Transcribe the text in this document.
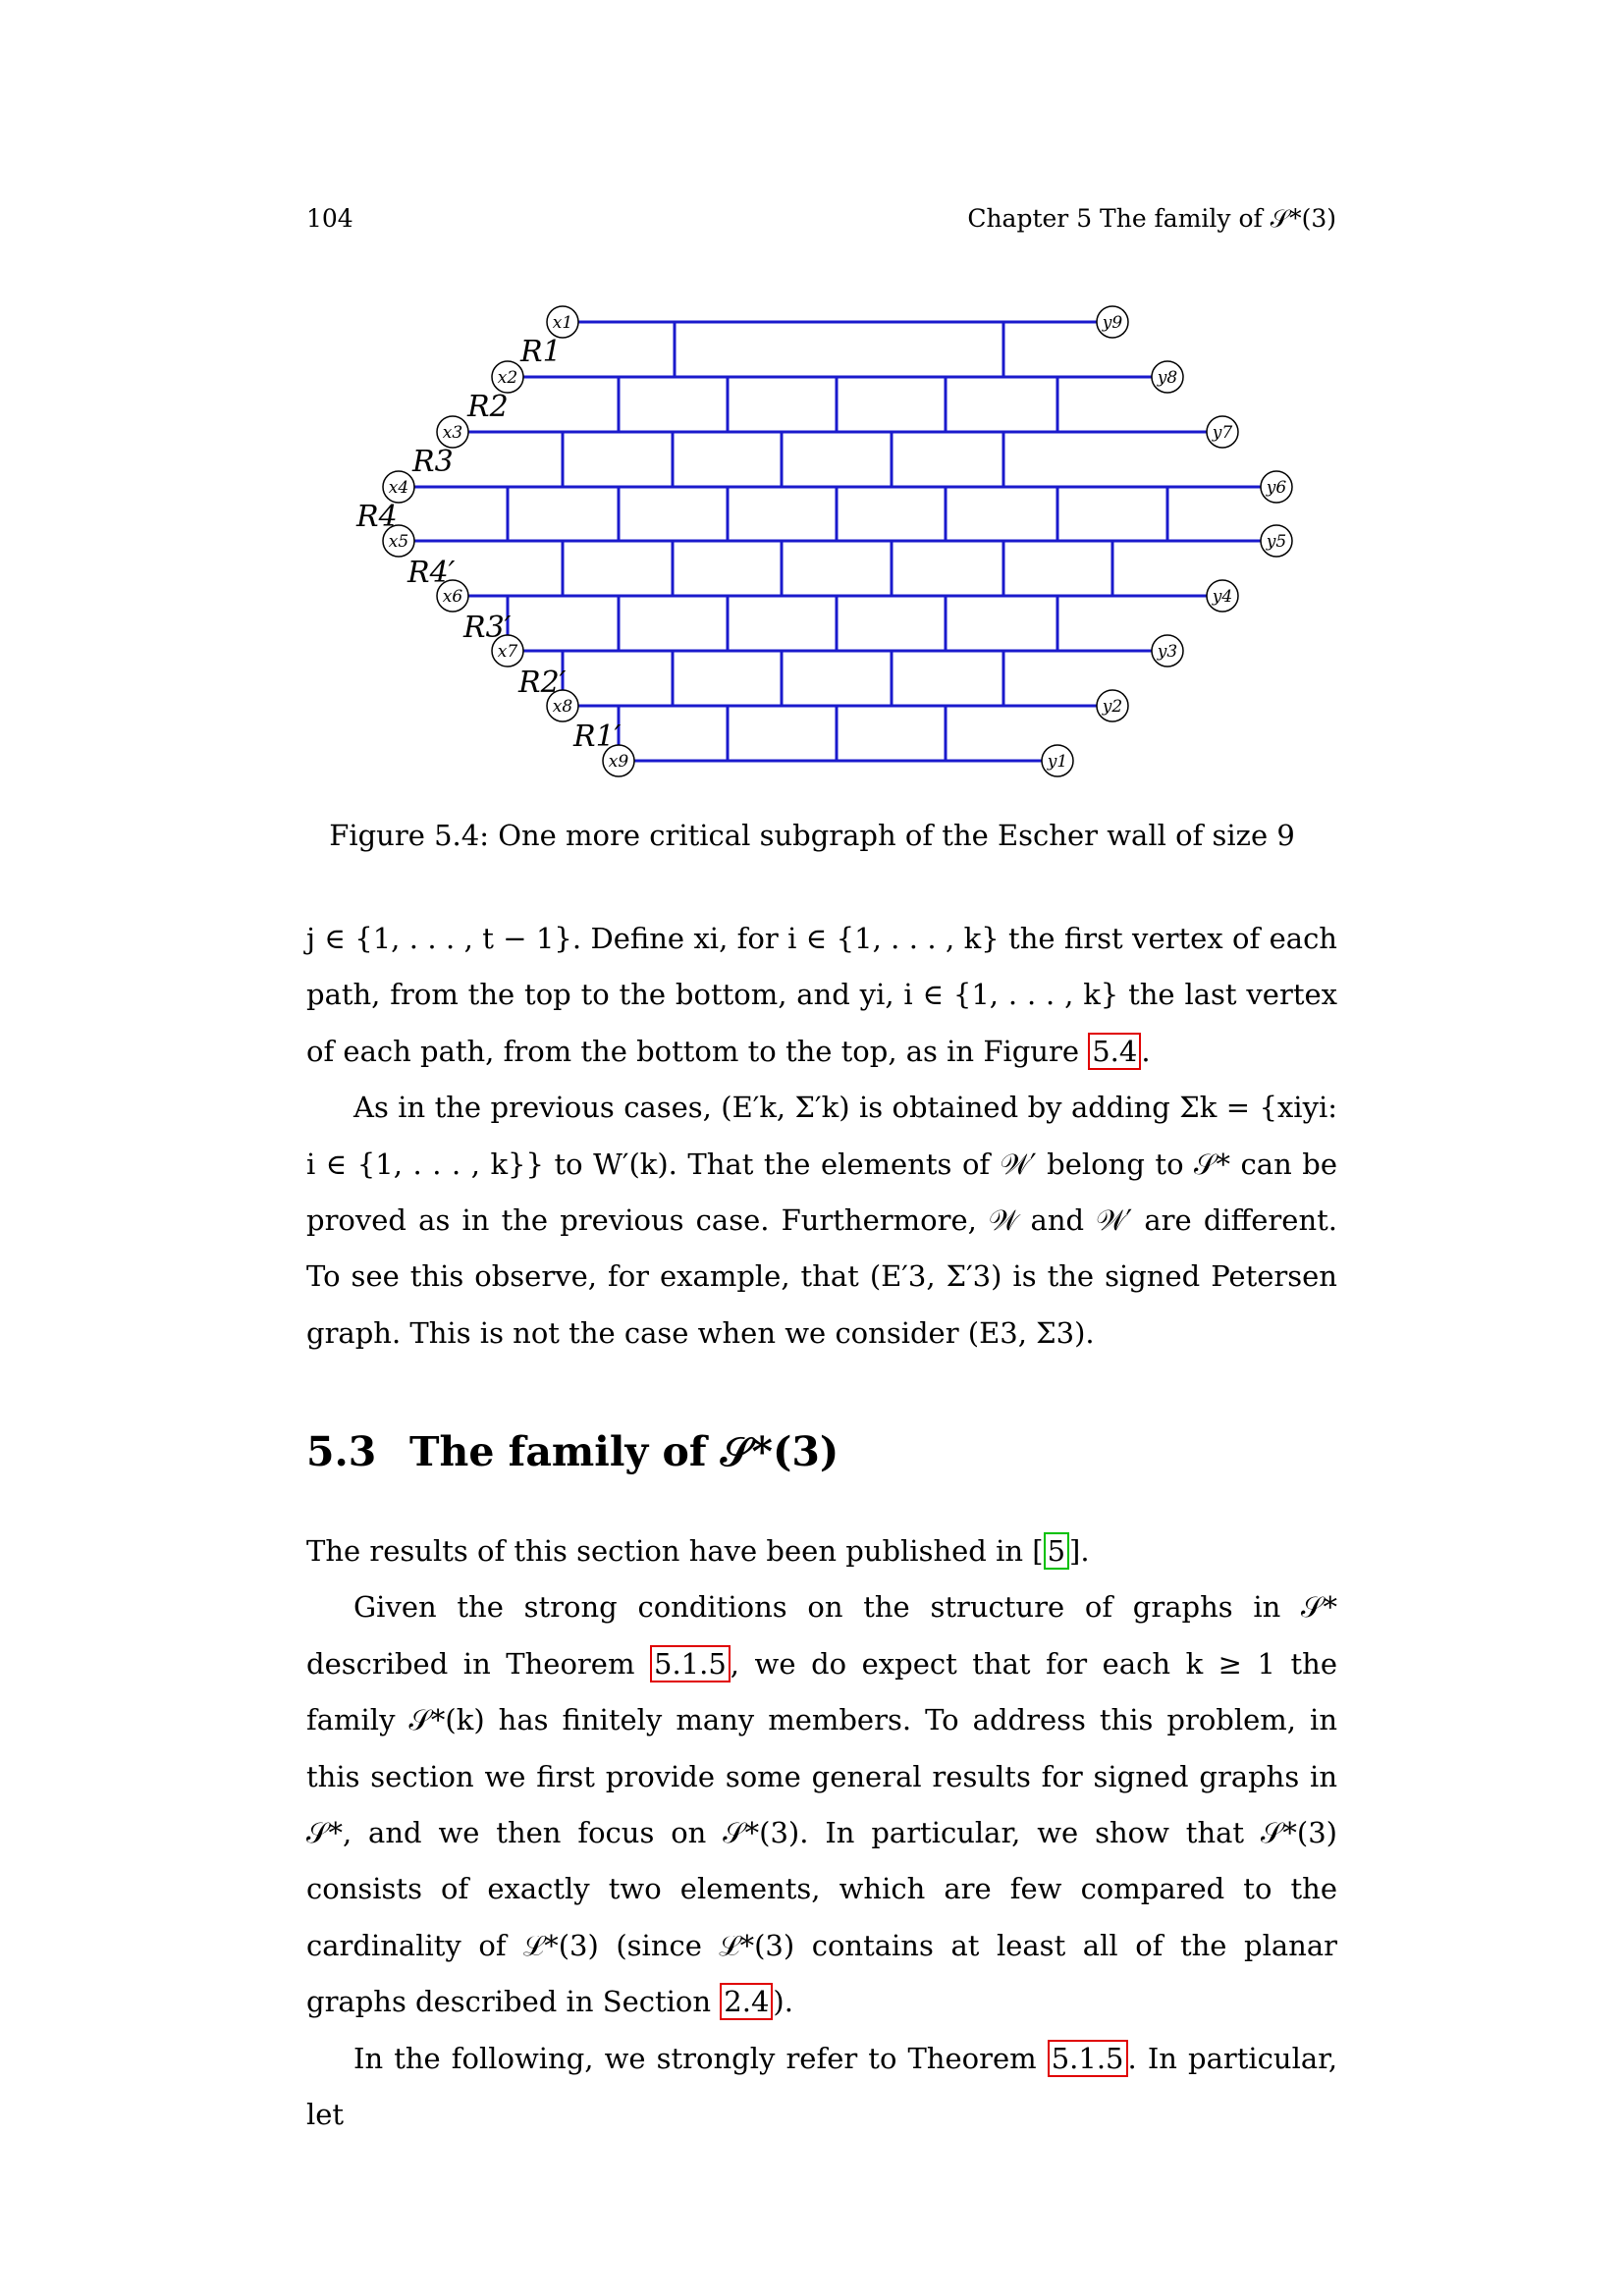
104	Chapter 5 The family of 𝒮*(3)
x1	y9
x2	y8
x3	y7
x4	y6
x5	y5
x6	y4
x7	y3
x8	y2
x9	y1
R1
R2
R3
R4
R4′
R3′
R2′
R1′
Figure 5.4: One more critical subgraph of the Escher wall of size 9

j ∈ {1, . . . , t − 1}. Define xi, for i ∈ {1, . . . , k} the first vertex of each path, from the top to the bottom, and yi, i ∈ {1, . . . , k} the last vertex of each path, from the bottom to the top, as in Figure 5.4 .

As in the previous cases, (E′k, Σ′k) is obtained by adding Σk = {xiyi: i ∈ {1, . . . , k}} to W′(k). That the elements of 𝒲′ belong to 𝒮* can be proved as in the previous case. Furthermore, 𝒲 and 𝒲′ are different. To see this observe, for example, that (E′3, Σ′3) is the signed Petersen graph. This is not the case when we consider (E3, Σ3).

5.3 The family of 𝒮*(3)

The results of this section have been published in [ 5 ].

Given the strong conditions on the structure of graphs in 𝒮* described in Theorem 5.1.5 , we do expect that for each k ≥ 1 the family 𝒮*(k) has finitely many members. To address this problem, in this section we first provide some general results for signed graphs in 𝒮*, and we then focus on 𝒮*(3). In particular, we show that 𝒮*(3) consists of exactly two elements, which are few compared to the cardinality of ℒ*(3) (since ℒ*(3) contains at least all of the planar graphs described in Section 2.4 ).

In the following, we strongly refer to Theorem 5.1.5 . In particular, let
